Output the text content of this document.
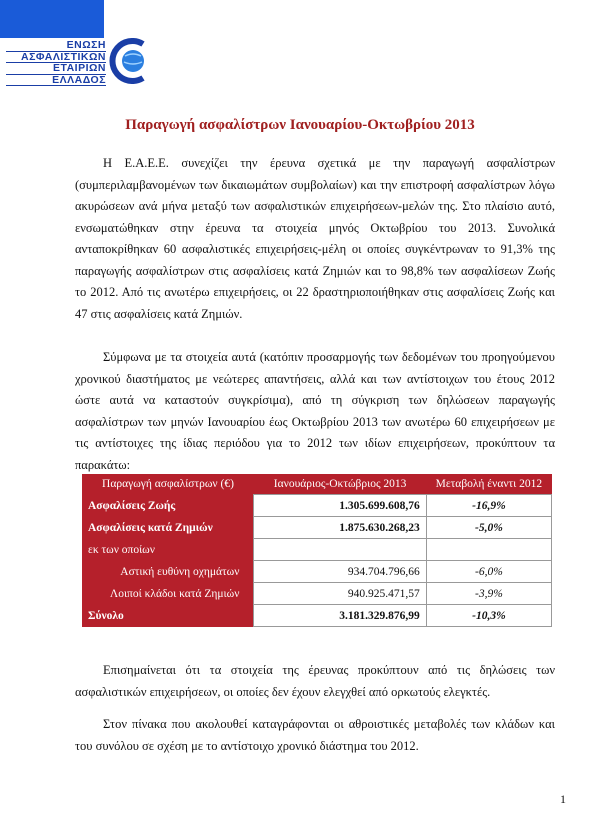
ΕΝΩΣΗ
ΑΣΦΑΛΙΣΤΙΚΩΝ
ΕΤΑΙΡΙΩΝ
ΕΛΛΑΔΟΣ
Παραγωγή ασφαλίστρων Ιανουαρίου-Οκτωβρίου 2013
Η Ε.Α.Ε.Ε. συνεχίζει την έρευνα σχετικά με την παραγωγή ασφαλίστρων (συμπεριλαμβανομένων των δικαιωμάτων συμβολαίων) και την επιστροφή ασφαλίστρων λόγω ακυρώσεων ανά μήνα μεταξύ των ασφαλιστικών επιχειρήσεων-μελών της. Στο πλαίσιο αυτό, ενσωματώθηκαν στην έρευνα τα στοιχεία μηνός Οκτωβρίου του 2013. Συνολικά ανταποκρίθηκαν 60 ασφαλιστικές επιχειρήσεις-μέλη οι οποίες συγκέντρωναν το 91,3% της παραγωγής ασφαλίστρων στις ασφαλίσεις κατά Ζημιών και το 98,8% των ασφαλίσεων Ζωής το 2012. Από τις ανωτέρω επιχειρήσεις, οι 22 δραστηριοποιήθηκαν στις ασφαλίσεις Ζωής και 47 στις ασφαλίσεις κατά Ζημιών.
Σύμφωνα με τα στοιχεία αυτά (κατόπιν προσαρμογής των δεδομένων του προηγούμενου χρονικού διαστήματος με νεώτερες απαντήσεις, αλλά και των αντίστοιχων του έτους 2012 ώστε αυτά να καταστούν συγκρίσιμα), από τη σύγκριση των δηλώσεων παραγωγής ασφαλίστρων των μηνών Ιανουαρίου έως Οκτωβρίου 2013 των ανωτέρω 60 επιχειρήσεων με τις αντίστοιχες της ίδιας περιόδου για το 2012 των ιδίων επιχειρήσεων, προκύπτουν τα παρακάτω:
Παραγωγή ασφαλίστρων (€)	Ιανουάριος-Οκτώβριος 2013	Μεταβολή έναντι 2012
Ασφαλίσεις Ζωής	1.305.699.608,76	-16,9%
Ασφαλίσεις κατά Ζημιών	1.875.630.268,23	-5,0%
εκ των οποίων		
Αστική ευθύνη οχημάτων	934.704.796,66	-6,0%
Λοιποί κλάδοι κατά Ζημιών	940.925.471,57	-3,9%
Σύνολο	3.181.329.876,99	-10,3%
Επισημαίνεται ότι τα στοιχεία της έρευνας προκύπτουν από τις δηλώσεις των ασφαλιστικών επιχειρήσεων, οι οποίες δεν έχουν ελεγχθεί από ορκωτούς ελεγκτές.
Στον πίνακα που ακολουθεί καταγράφονται οι αθροιστικές μεταβολές των κλάδων και του συνόλου σε σχέση με το αντίστοιχο χρονικό διάστημα του 2012.
1
